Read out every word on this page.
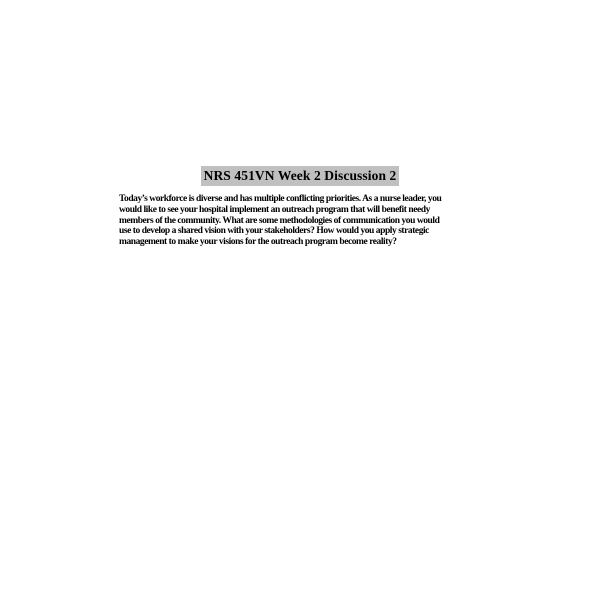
NRS 451VN Week 2 Discussion 2
Today’s workforce is diverse and has multiple conflicting priorities. As a nurse leader, you
would like to see your hospital implement an outreach program that will benefit needy
members of the community. What are some methodologies of communication you would
use to develop a shared vision with your stakeholders? How would you apply strategic
management to make your visions for the outreach program become reality?
